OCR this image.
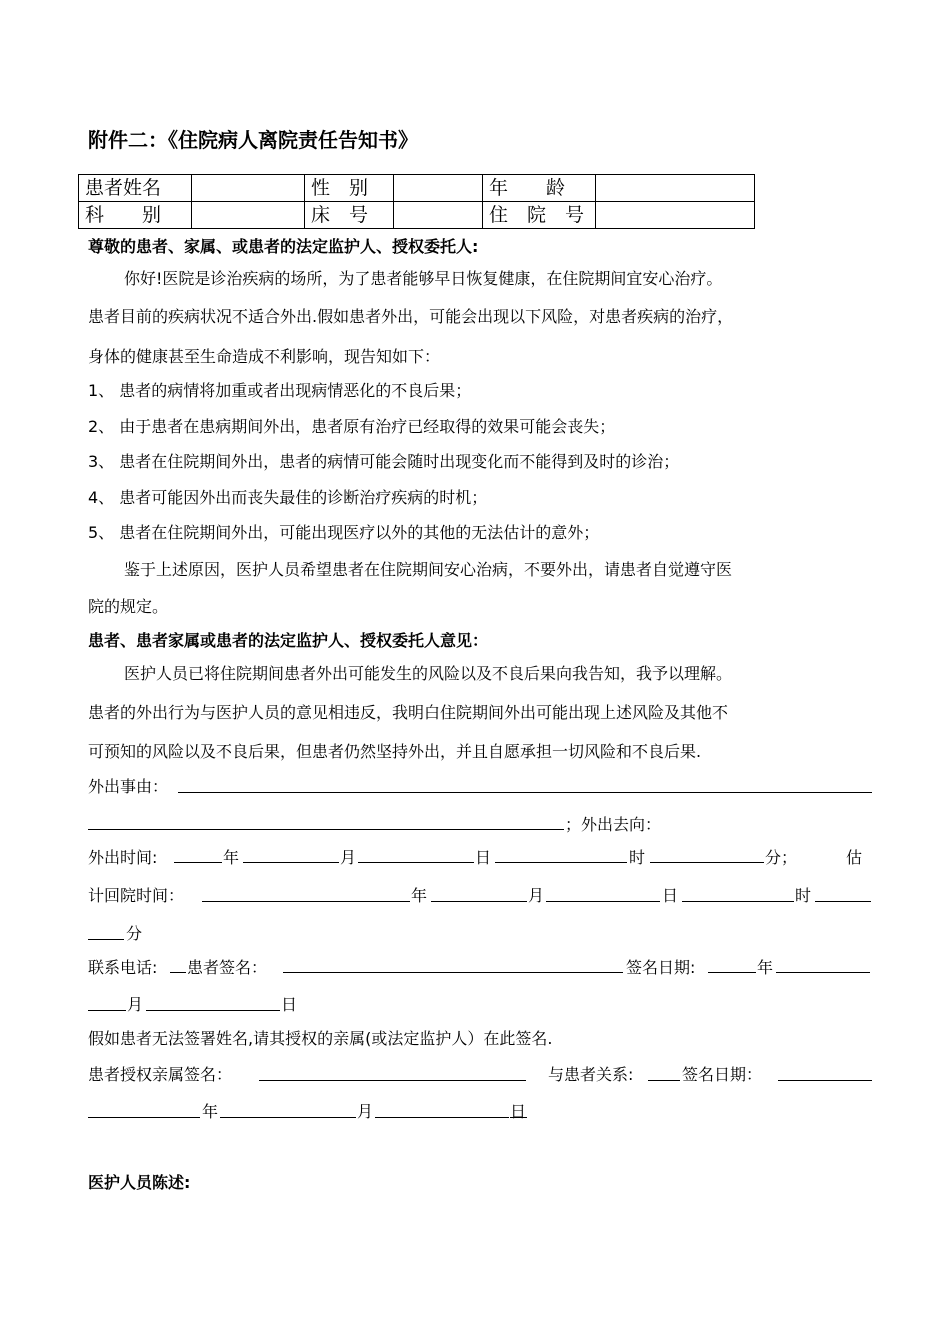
附件二：《住院病人离院责任告知书》
患者姓名		性　别		年　　龄	
科　　别		床　号		住　院　号	
尊敬的患者、家属、或患者的法定监护人、授权委托人:
你好!医院是诊治疾病的场所，为了患者能够早日恢复健康，在住院期间宜安心治疗。
患者目前的疾病状况不适合外出.假如患者外出，可能会出现以下风险，对患者疾病的治疗，
身体的健康甚至生命造成不利影响，现告知如下：
1、 患者的病情将加重或者出现病情恶化的不良后果；
2、 由于患者在患病期间外出，患者原有治疗已经取得的效果可能会丧失；
3、 患者在住院期间外出，患者的病情可能会随时出现变化而不能得到及时的诊治；
4、 患者可能因外出而丧失最佳的诊断治疗疾病的时机；
5、 患者在住院期间外出，可能出现医疗以外的其他的无法估计的意外；
鉴于上述原因，医护人员希望患者在住院期间安心治病，不要外出，请患者自觉遵守医
院的规定。
患者、患者家属或患者的法定监护人、授权委托人意见：
医护人员已将住院期间患者外出可能发生的风险以及不良后果向我告知，我予以理解。
患者的外出行为与医护人员的意见相违反，我明白住院期间外出可能出现上述风险及其他不
可预知的风险以及不良后果，但患者仍然坚持外出，并且自愿承担一切风险和不良后果.
外出事由：
；外出去向：
外出时间:	年	月	日	时	分；	估
计回院时间：	年	月	日	时
分
联系电话: 患者签名：	签名日期:	年
月	日
假如患者无法签署姓名,请其授权的亲属(或法定监护人）在此签名.
患者授权亲属签名：	与患者关系:	签名日期：
年	月	日
医护人员陈述:
